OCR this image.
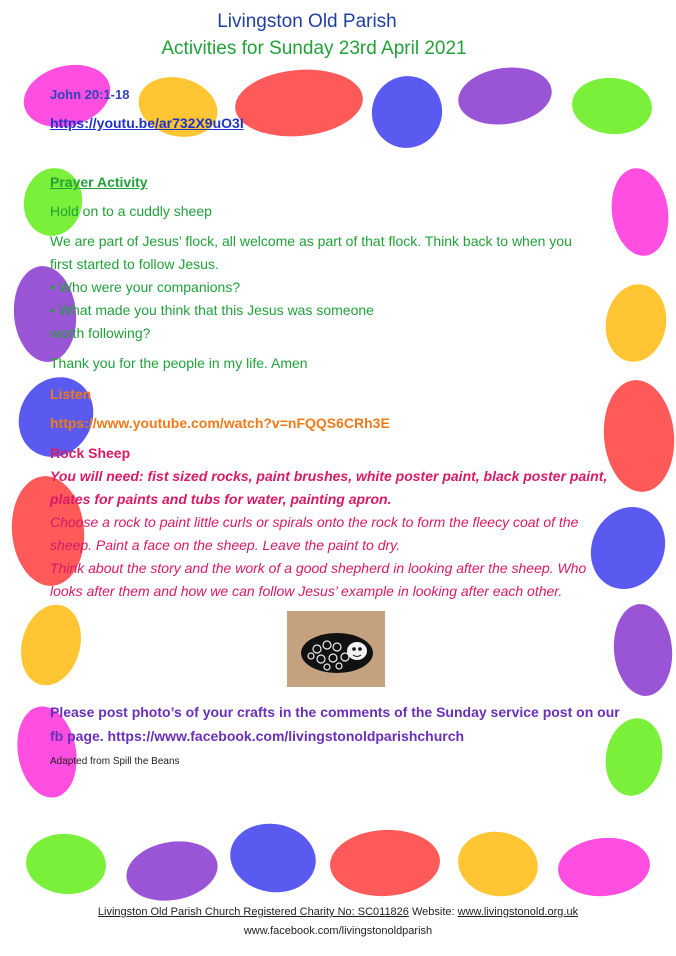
Livingston Old Parish

Activities for Sunday 23rd April 2021

John 20:1-18

https://youtu.be/ar732X9uO3I

Prayer Activity

Hold on to a cuddly sheep

We are part of Jesus’ flock, all welcome as part of that flock. Think back to when you

first started to follow Jesus.

• Who were your companions?

• What made you think that this Jesus was someone

worth following?

Thank you for the people in my life. Amen

Listen

https://www.youtube.com/watch?v=nFQQS6CRh3E

Rock Sheep

You will need: fist sized rocks, paint brushes, white poster paint, black poster paint,

plates for paints and tubs for water, painting apron.

Choose a rock to paint little curls or spirals onto the rock to form the fleecy coat of the

sheep. Paint a face on the sheep. Leave the paint to dry.

Think about the story and the work of a good shepherd in looking after the sheep. Who

looks after them and how we can follow Jesus’ example in looking after each other.

Please post photo’s of your crafts in the comments of the Sunday service post on our

fb page. https://www.facebook.com/livingstonoldparishchurch

Adapted from Spill the Beans

Livingston Old Parish Church Registered Charity No: SC011826 Website: www.livingstonold.org.uk

www.facebook.com/livingstonoldparish
